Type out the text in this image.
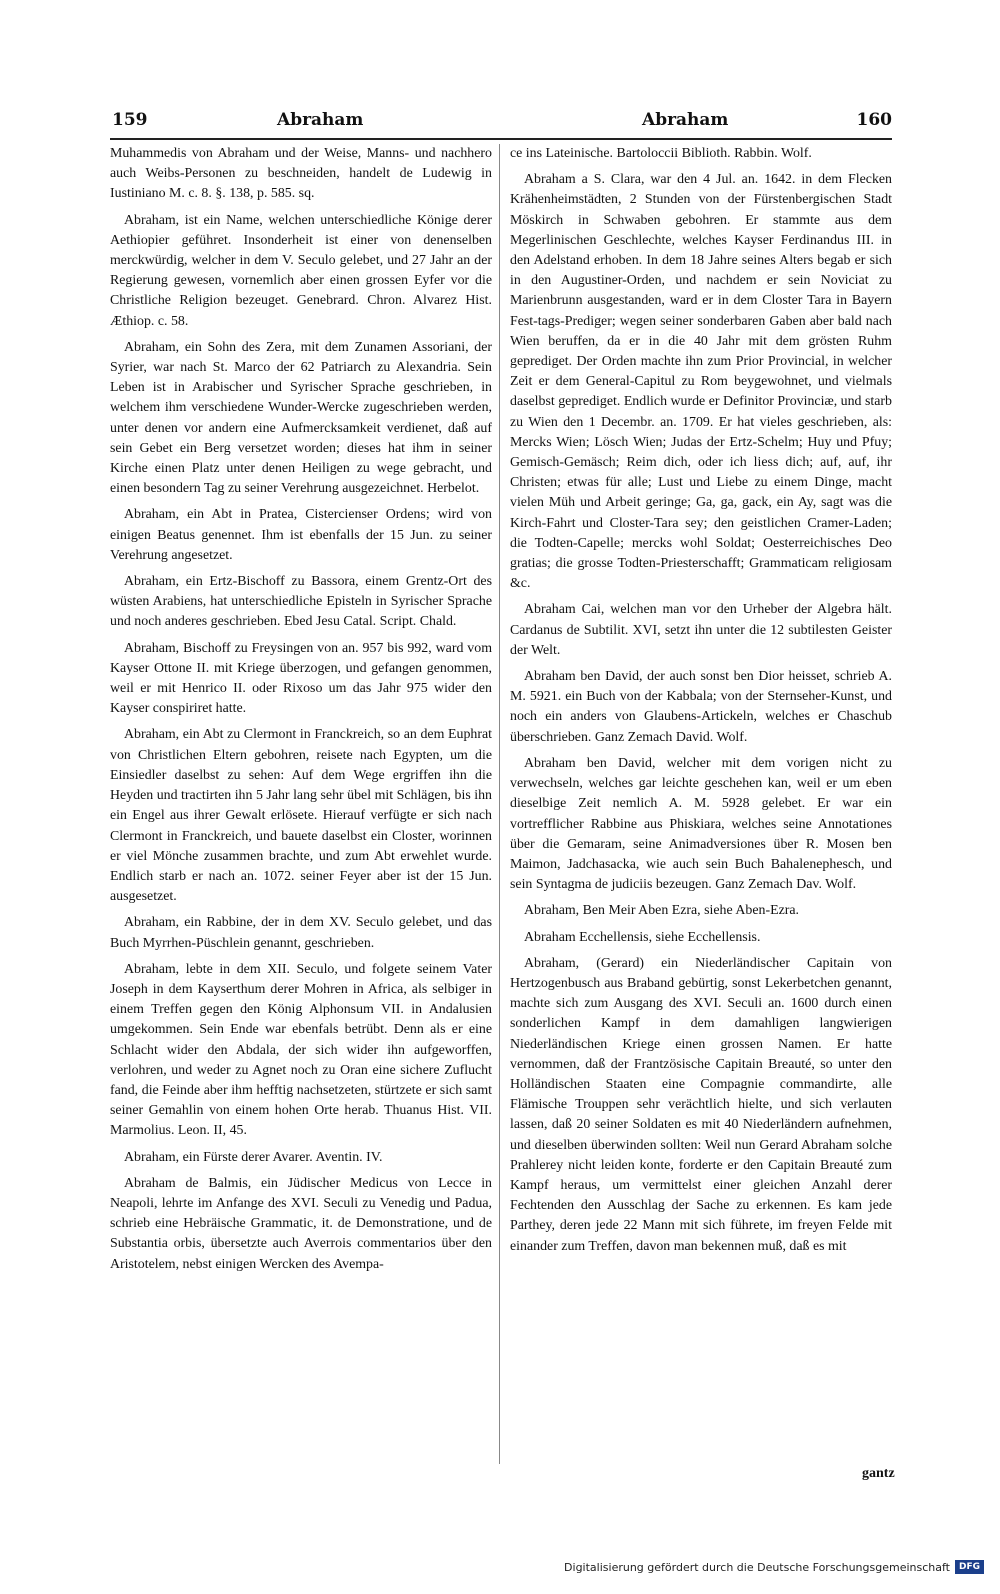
159	Abraham	Abraham	160

Muhammedis von Abraham und der Weise, Manns- und nachhero auch Weibs-Personen zu beschneiden, handelt de Ludewig in Iustiniano M. c. 8. §. 138, p. 585. sq.

Abraham, ist ein Name, welchen unterschiedliche Könige derer Aethiopier geführet. Insonderheit ist einer von denenselben merckwürdig, welcher in dem V. Seculo gelebet, und 27 Jahr an der Regierung gewesen, vornemlich aber einen grossen Eyfer vor die Christliche Religion bezeuget. Genebrard. Chron. Alvarez Hist. Æthiop. c. 58.

Abraham, ein Sohn des Zera, mit dem Zunamen Assoriani, der Syrier, war nach St. Marco der 62 Patriarch zu Alexandria. Sein Leben ist in Arabischer und Syrischer Sprache geschrieben, in welchem ihm verschiedene Wunder-Wercke zugeschrieben werden, unter denen vor andern eine Aufmercksamkeit verdienet, daß auf sein Gebet ein Berg versetzet worden; dieses hat ihm in seiner Kirche einen Platz unter denen Heiligen zu wege gebracht, und einen besondern Tag zu seiner Verehrung ausgezeichnet. Herbelot.

Abraham, ein Abt in Pratea, Cistercienser Ordens; wird von einigen Beatus genennet. Ihm ist ebenfalls der 15 Jun. zu seiner Verehrung angesetzet.

Abraham, ein Ertz-Bischoff zu Bassora, einem Grentz-Ort des wüsten Arabiens, hat unterschiedliche Episteln in Syrischer Sprache und noch anderes geschrieben. Ebed Jesu Catal. Script. Chald.

Abraham, Bischoff zu Freysingen von an. 957 bis 992, ward vom Kayser Ottone II. mit Kriege überzogen, und gefangen genommen, weil er mit Henrico II. oder Rixoso um das Jahr 975 wider den Kayser conspiriret hatte.

Abraham, ein Abt zu Clermont in Franckreich, so an dem Euphrat von Christlichen Eltern gebohren, reisete nach Egypten, um die Einsiedler daselbst zu sehen: Auf dem Wege ergriffen ihn die Heyden und tractirten ihn 5 Jahr lang sehr übel mit Schlägen, bis ihn ein Engel aus ihrer Gewalt erlösete. Hierauf verfügte er sich nach Clermont in Franckreich, und bauete daselbst ein Closter, worinnen er viel Mönche zusammen brachte, und zum Abt erwehlet wurde. Endlich starb er nach an. 1072. seiner Feyer aber ist der 15 Jun. ausgesetzet.

Abraham, ein Rabbine, der in dem XV. Seculo gelebet, und das Buch Myrrhen-Püschlein genannt, geschrieben.

Abraham, lebte in dem XII. Seculo, und folgete seinem Vater Joseph in dem Kayserthum derer Mohren in Africa, als selbiger in einem Treffen gegen den König Alphonsum VII. in Andalusien umgekommen. Sein Ende war ebenfals betrübt. Denn als er eine Schlacht wider den Abdala, der sich wider ihn aufgeworffen, verlohren, und weder zu Agnet noch zu Oran eine sichere Zuflucht fand, die Feinde aber ihm hefftig nachsetzeten, stürtzete er sich samt seiner Gemahlin von einem hohen Orte herab. Thuanus Hist. VII. Marmolius. Leon. II, 45.

Abraham, ein Fürste derer Avarer. Aventin. IV.

Abraham de Balmis, ein Jüdischer Medicus von Lecce in Neapoli, lehrte im Anfange des XVI. Seculi zu Venedig und Padua, schrieb eine Hebräische Grammatic, it. de Demonstratione, und de Substantia orbis, übersetzte auch Averrois commentarios über den Aristotelem, nebst einigen Wercken des Avempa-

ce ins Lateinische. Bartoloccii Biblioth. Rabbin. Wolf.

Abraham a S. Clara, war den 4 Jul. an. 1642. in dem Flecken Krähenheimstädten, 2 Stunden von der Fürstenbergischen Stadt Möskirch in Schwaben gebohren. Er stammte aus dem Megerlinischen Geschlechte, welches Kayser Ferdinandus III. in den Adelstand erhoben. In dem 18 Jahre seines Alters begab er sich in den Augustiner-Orden, und nachdem er sein Noviciat zu Marienbrunn ausgestanden, ward er in dem Closter Tara in Bayern Fest-tags-Prediger; wegen seiner sonderbaren Gaben aber bald nach Wien beruffen, da er in die 40 Jahr mit dem grösten Ruhm geprediget. Der Orden machte ihn zum Prior Provincial, in welcher Zeit er dem General-Capitul zu Rom beygewohnet, und vielmals daselbst geprediget. Endlich wurde er Definitor Provinciæ, und starb zu Wien den 1 Decembr. an. 1709. Er hat vieles geschrieben, als: Mercks Wien; Lösch Wien; Judas der Ertz-Schelm; Huy und Pfuy; Gemisch-Gemäsch; Reim dich, oder ich liess dich; auf, auf, ihr Christen; etwas für alle; Lust und Liebe zu einem Dinge, macht vielen Müh und Arbeit geringe; Ga, ga, gack, ein Ay, sagt was die Kirch-Fahrt und Closter-Tara sey; den geistlichen Cramer-Laden; die Todten-Capelle; mercks wohl Soldat; Oesterreichisches Deo gratias; die grosse Todten-Priesterschafft; Grammaticam religiosam &c.

Abraham Cai, welchen man vor den Urheber der Algebra hält. Cardanus de Subtilit. XVI, setzt ihn unter die 12 subtilesten Geister der Welt.

Abraham ben David, der auch sonst ben Dior heisset, schrieb A. M. 5921. ein Buch von der Kabbala; von der Sternseher-Kunst, und noch ein anders von Glaubens-Artickeln, welches er Chaschub überschrieben. Ganz Zemach David. Wolf.

Abraham ben David, welcher mit dem vorigen nicht zu verwechseln, welches gar leichte geschehen kan, weil er um eben dieselbige Zeit nemlich A. M. 5928 gelebet. Er war ein vortrefflicher Rabbine aus Phiskiara, welches seine Annotationes über die Gemaram, seine Animadversiones über R. Mosen ben Maimon, Jadchasacka, wie auch sein Buch Bahalenephesch, und sein Syntagma de judiciis bezeugen. Ganz Zemach Dav. Wolf.

Abraham, Ben Meir Aben Ezra, siehe Aben-Ezra.

Abraham Ecchellensis, siehe Ecchellensis.

Abraham, (Gerard) ein Niederländischer Capitain von Hertzogenbusch aus Braband gebürtig, sonst Lekerbetchen genannt, machte sich zum Ausgang des XVI. Seculi an. 1600 durch einen sonderlichen Kampf in dem damahligen langwierigen Niederländischen Kriege einen grossen Namen. Er hatte vernommen, daß der Frantzösische Capitain Breauté, so unter den Holländischen Staaten eine Compagnie commandirte, alle Flämische Trouppen sehr verächtlich hielte, und sich verlauten lassen, daß 20 seiner Soldaten es mit 40 Niederländern aufnehmen, und dieselben überwinden sollten: Weil nun Gerard Abraham solche Prahlerey nicht leiden konte, forderte er den Capitain Breauté zum Kampf heraus, um vermittelst einer gleichen Anzahl derer Fechtenden den Ausschlag der Sache zu erkennen. Es kam jede Parthey, deren jede 22 Mann mit sich führete, im freyen Felde mit einander zum Treffen, davon man bekennen muß, daß es mit

gantz
Digitalisierung gefördert durch die Deutsche Forschungsgemeinschaft	DFG
